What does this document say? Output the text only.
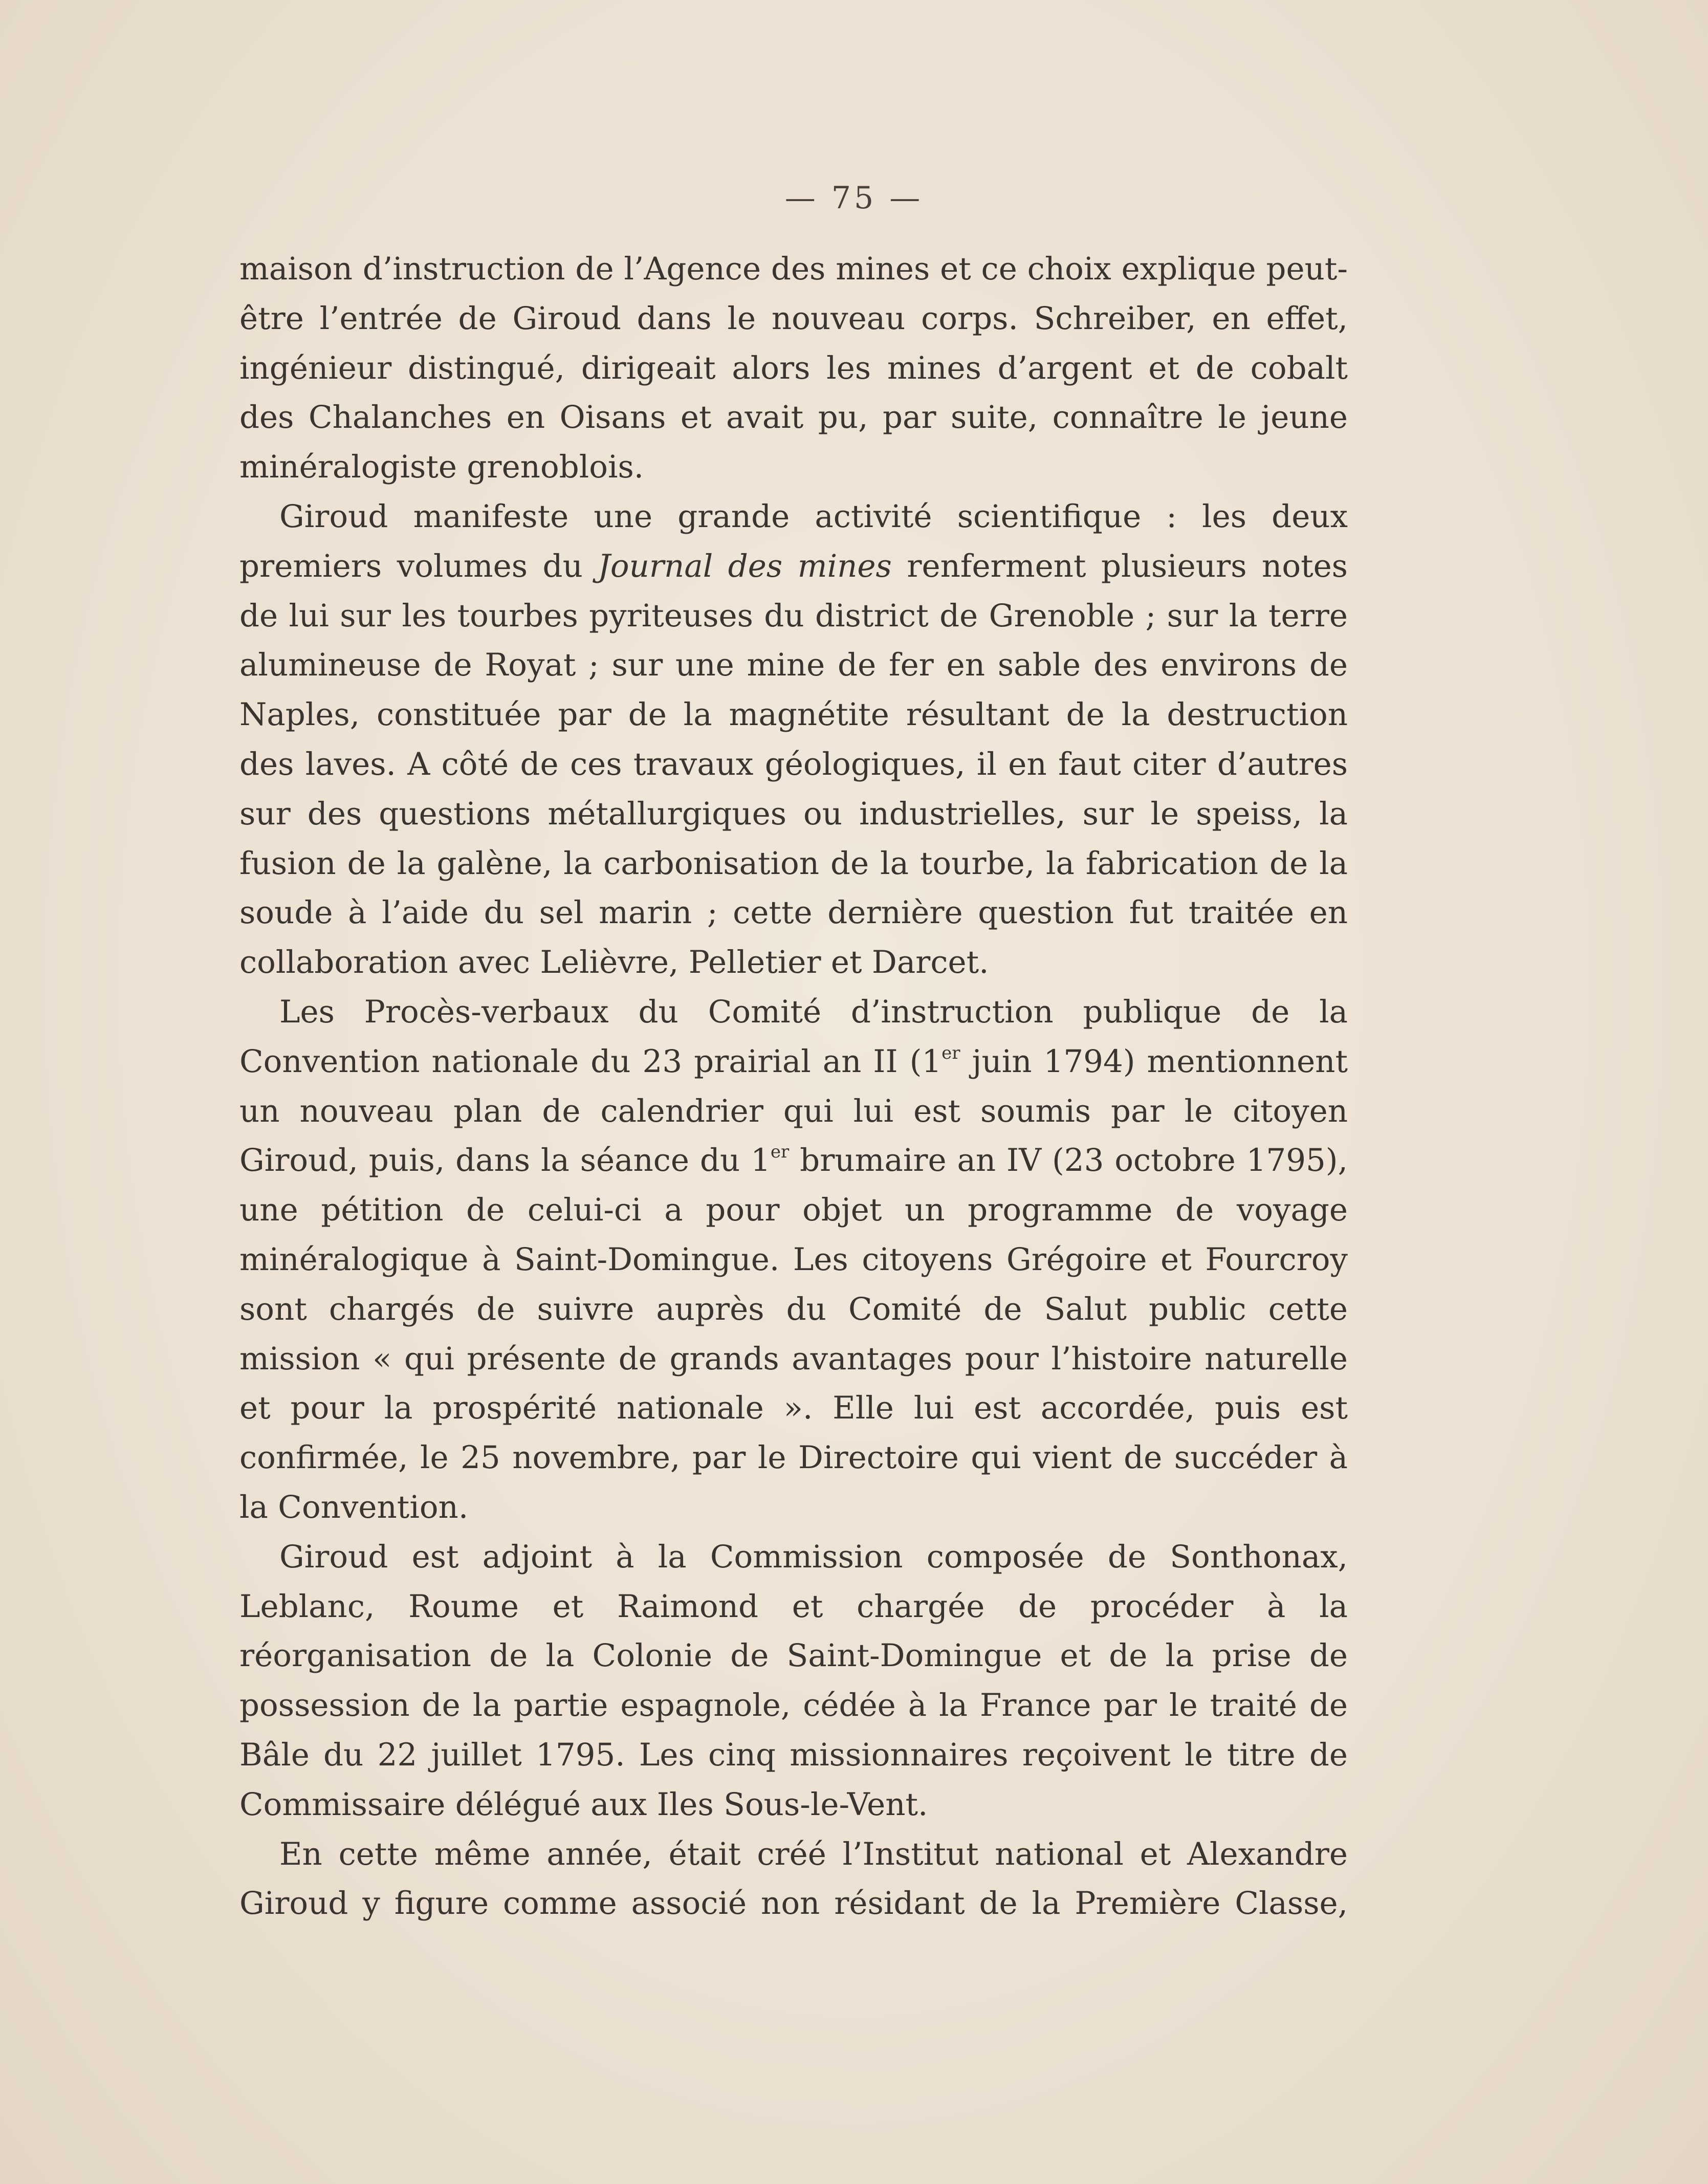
— 75 —

maison d’instruction de l’Agence des mines et ce choix explique peut-être l’entrée de Giroud dans le nouveau corps. Schreiber, en effet, ingénieur distingué, dirigeait alors les mines d’argent et de cobalt des Chalanches en Oisans et avait pu, par suite, connaître le jeune minéralogiste grenoblois.

Giroud manifeste une grande activité scientifique : les deux premiers volumes du Journal des mines renferment plusieurs notes de lui sur les tourbes pyriteuses du district de Grenoble ; sur la terre alumineuse de Royat ; sur une mine de fer en sable des environs de Naples, constituée par de la magnétite résultant de la destruction des laves. A côté de ces travaux géologiques, il en faut citer d’autres sur des questions métallurgiques ou industrielles, sur le speiss, la fusion de la galène, la carbonisation de la tourbe, la fabrication de la soude à l’aide du sel marin ; cette dernière question fut traitée en collaboration avec Lelièvre, Pelletier et Darcet.

Les Procès-verbaux du Comité d’instruction publique de la Convention nationale du 23 prairial an II (1er juin 1794) mentionnent un nouveau plan de calendrier qui lui est soumis par le citoyen Giroud, puis, dans la séance du 1er brumaire an IV (23 octobre 1795), une pétition de celui-ci a pour objet un programme de voyage minéralogique à Saint-Domingue. Les citoyens Grégoire et Fourcroy sont chargés de suivre auprès du Comité de Salut public cette mission « qui présente de grands avantages pour l’histoire naturelle et pour la prospérité nationale ». Elle lui est accordée, puis est confirmée, le 25 novembre, par le Directoire qui vient de succéder à la Convention.

Giroud est adjoint à la Commission composée de Sonthonax, Leblanc, Roume et Raimond et chargée de procéder à la réorganisation de la Colonie de Saint-Domingue et de la prise de possession de la partie espagnole, cédée à la France par le traité de Bâle du 22 juillet 1795. Les cinq missionnaires reçoivent le titre de Commissaire délégué aux Iles Sous-le-Vent.

En cette même année, était créé l’Institut national et Alexandre Giroud y figure comme associé non résidant de la Première Classe,
